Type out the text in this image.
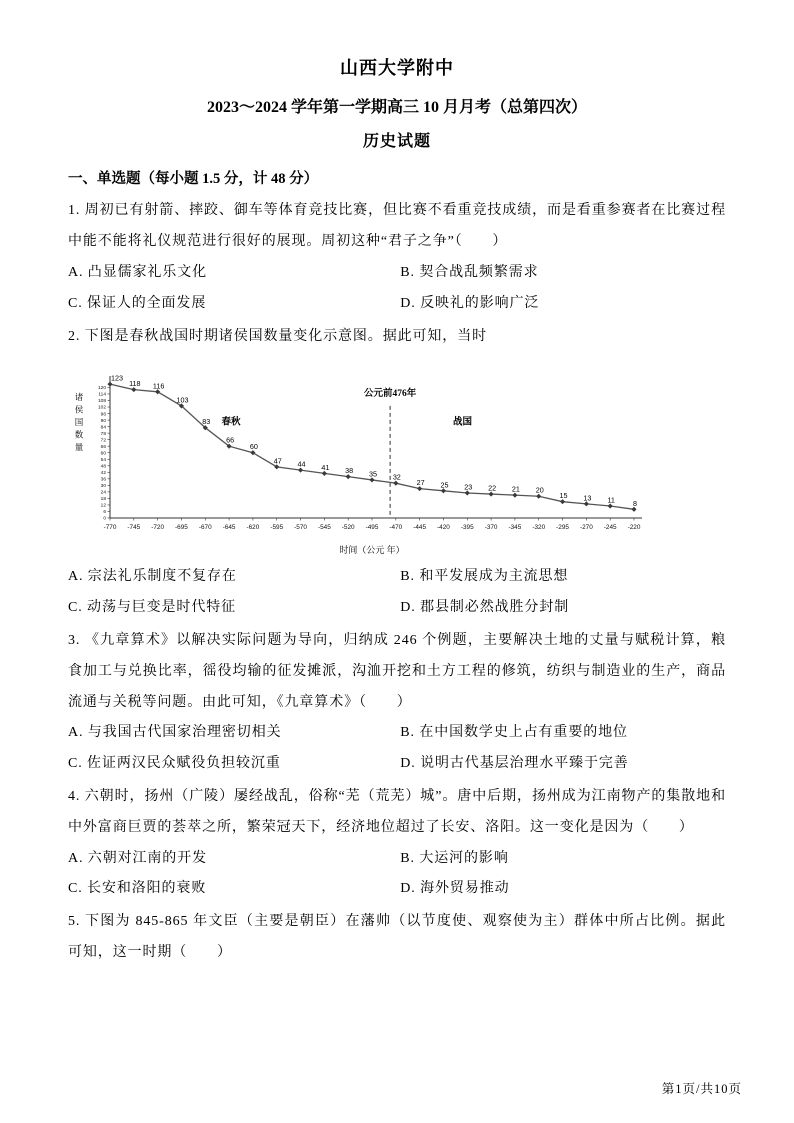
山西大学附中
2023～2024 学年第一学期高三 10 月月考（总第四次）
历史试题

一、单选题（每小题 1.5 分，计 48 分）

1. 周初已有射箭、摔跤、御车等体育竞技比赛，但比赛不看重竞技成绩，而是看重参赛者在比赛过程中能不能将礼仪规范进行很好的展现。周初这种“君子之争”（　　）

A. 凸显儒家礼乐文化	B. 契合战乱频繁需求
C. 保证人的全面发展	D. 反映礼的影响广泛

2. 下图是春秋战国时期诸侯国数量变化示意图。据此可知，当时

0
6
12
18
24
30
36
42
48
54
60
66
72
78
84
90
96
102
108
114
120
-770 -745 -720 -695 -670 -645 -620 -595 -570 -545 -520 -495 -470 -445 -420 -395 -370 -345 -320 -295 -270 -245 -220
123
118 116
103
83
66
60
47 44 41 38 35 32
27 25 23 22 21 20
15 13 11	8
春秋
公元前476年
战国
时间（公元 年）
诸
侯
国
数
量
A. 宗法礼乐制度不复存在	B. 和平发展成为主流思想
C. 动荡与巨变是时代特征	D. 郡县制必然战胜分封制

3. 《九章算术》以解决实际问题为导向，归纳成 246 个例题，主要解决土地的丈量与赋税计算，粮食加工与兑换比率，徭役均输的征发摊派，沟洫开挖和土方工程的修筑，纺织与制造业的生产，商品流通与关税等问题。由此可知，《九章算术》（　　）

A. 与我国古代国家治理密切相关	B. 在中国数学史上占有重要的地位
C. 佐证两汉民众赋役负担较沉重	D. 说明古代基层治理水平臻于完善

4. 六朝时，扬州（广陵）屡经战乱，俗称“芜（荒芜）城”。唐中后期，扬州成为江南物产的集散地和中外富商巨贾的荟萃之所，繁荣冠天下，经济地位超过了长安、洛阳。这一变化是因为（　　）

A. 六朝对江南的开发	B. 大运河的影响
C. 长安和洛阳的衰败	D. 海外贸易推动

5. 下图为 845-865 年文臣（主要是朝臣）在藩帅（以节度使、观察使为主）群体中所占比例。据此可知，这一时期（　　）

第1页/共10页
